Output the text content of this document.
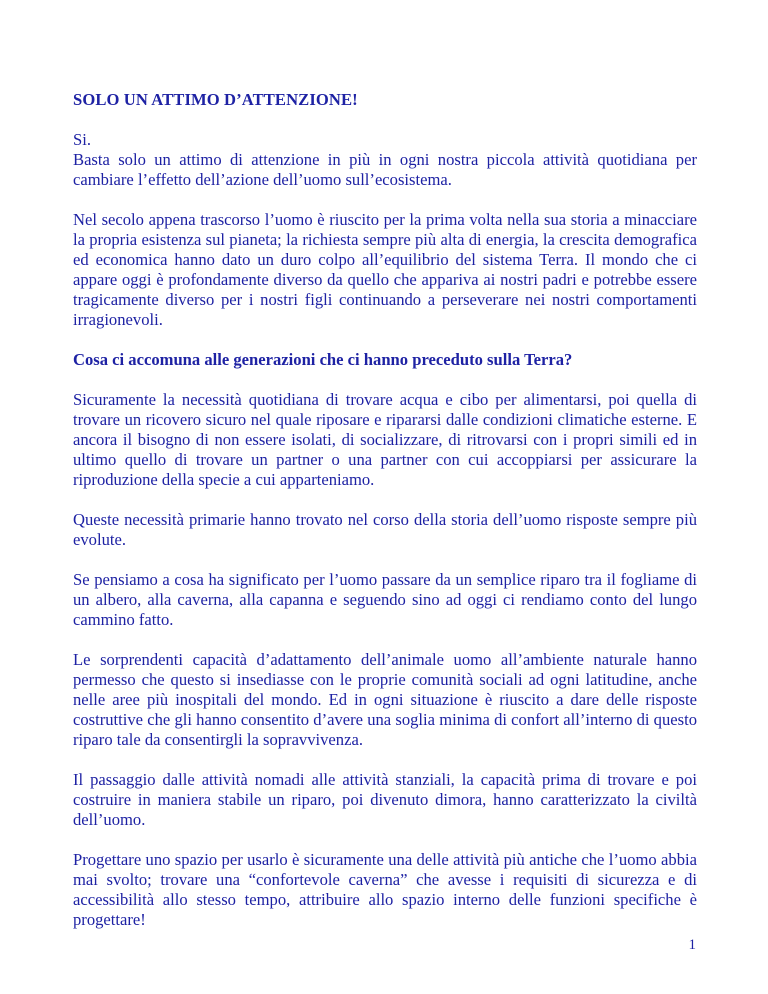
SOLO UN ATTIMO D’ATTENZIONE!

Si.

Basta solo un attimo di attenzione in più in ogni nostra piccola attività quotidiana per cambiare l’effetto dell’azione dell’uomo sull’ecosistema.

Nel secolo appena trascorso l’uomo è riuscito per la prima volta nella sua storia a minacciare la propria esistenza sul pianeta; la richiesta sempre più alta di energia, la crescita demografica ed economica hanno dato un duro colpo all’equilibrio del sistema Terra. Il mondo che ci appare oggi è profondamente diverso da quello che appariva ai nostri padri e potrebbe essere tragicamente diverso per i nostri figli continuando a perseverare nei nostri comportamenti irragionevoli.

Cosa ci accomuna alle generazioni che ci hanno preceduto sulla Terra?

Sicuramente la necessità quotidiana di trovare acqua e cibo per alimentarsi, poi quella di trovare un ricovero sicuro nel quale riposare e ripararsi dalle condizioni climatiche esterne. E ancora il bisogno di non essere isolati, di socializzare, di ritrovarsi con i propri simili ed in ultimo quello di trovare un partner o una partner con cui accoppiarsi per assicurare la riproduzione della specie a cui apparteniamo.

Queste necessità primarie hanno trovato nel corso della storia dell’uomo risposte sempre più evolute.

Se pensiamo a cosa ha significato per l’uomo passare da un semplice riparo tra il fogliame di un albero, alla caverna, alla capanna e seguendo sino ad oggi ci rendiamo conto del lungo cammino fatto.

Le sorprendenti capacità d’adattamento dell’animale uomo all’ambiente naturale hanno permesso che questo si insediasse con le proprie comunità sociali ad ogni latitudine, anche nelle aree più inospitali del mondo. Ed in ogni situazione è riuscito a dare delle risposte costruttive che gli hanno consentito d’avere una soglia minima di confort all’interno di questo riparo tale da consentirgli la sopravvivenza.

Il passaggio dalle attività nomadi alle attività stanziali, la capacità prima di trovare e poi costruire in maniera stabile un riparo, poi divenuto dimora, hanno caratterizzato la civiltà dell’uomo.

Progettare uno spazio per usarlo è sicuramente una delle attività più antiche che l’uomo abbia mai svolto; trovare una “confortevole caverna” che avesse i requisiti di sicurezza e di accessibilità allo stesso tempo, attribuire allo spazio interno delle funzioni specifiche è progettare!

1
